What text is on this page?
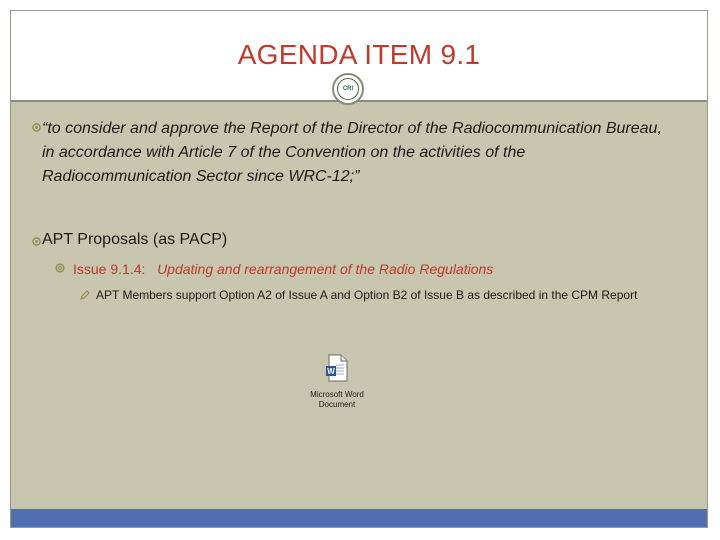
AGENDA ITEM 9.1
CRI
“to consider and approve the Report of the Director of the Radiocommunication Bureau, in accordance with Article 7 of the Convention on the activities of the Radiocommunication Sector since WRC‑12;”
APT Proposals (as PACP)
Issue 9.1.4: Updating and rearrangement of the Radio Regulations
APT Members support Option A2 of Issue A and Option B2 of Issue B as described in the CPM Report
W
Microsoft Word
Document
